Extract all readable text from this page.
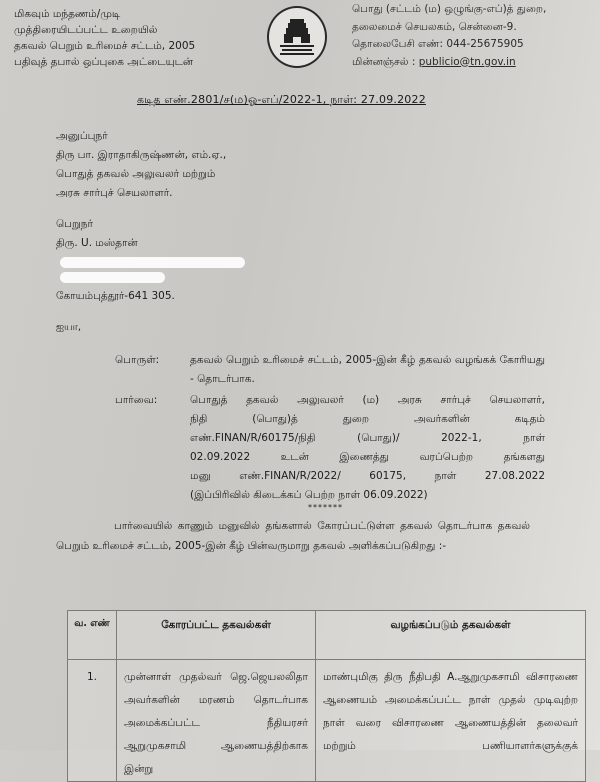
மிகவும் மந்தணம்/முடி
முத்திரையிடப்பட்ட உறையில்
தகவல் பெறும் உரிமைச் சட்டம், 2005
பதிவுத் தபால் ஒப்புகை அட்டையுடன்
பொது (சட்டம் (ம) ஒழுங்கு-எப்)த் துறை,
தலைமைச் செயலகம், சென்னை-9.
தொலைபேசி எண்: 044-25675905
மின்னஞ்சல் : publicio@tn.gov.in
கடித எண்.2801/ச(ம)ஓ-எப்/2022-1, நாள்: 27.09.2022
அனுப்புநர்
திரு பா. இராதாகிருஷ்ணன், எம்.ஏ.,
பொதுத் தகவல் அலுவலர் மற்றும்
அரசு சார்புச் செயலாளர்.
பெறுநர்
திரு. U. மஸ்தான்
கோயம்புத்தூர்-641 305.
ஐயா,
பொருள்:	தகவல் பெறும் உரிமைச் சட்டம், 2005-இன் கீழ் தகவல் வழங்கக் கோரியது - தொடர்பாக.
பார்வை:	பொதுத் தகவல் அலுவலர் (ம) அரசு சார்புச் செயலாளர்,
நிதி (பொது)த் துறை அவர்களின் கடிதம்
எண்.FINAN/R/60175/நிதி (பொது)/ 2022-1, நாள்
02.09.2022 உடன் இணைத்து வரப்பெற்ற தங்களது
மனு எண்.FINAN/R/2022/ 60175, நாள் 27.08.2022
(இப்பிரிவில் கிடைக்கப் பெற்ற நாள் 06.09.2022)
*******
பார்வையில் காணும் மனுவில் தங்களால் கோரப்பட்டுள்ள தகவல் தொடர்பாக தகவல் பெறும் உரிமைச் சட்டம், 2005-இன் கீழ் பின்வருமாறு தகவல் அளிக்கப்படுகிறது :-
வ. எண்	கோரப்பட்ட தகவல்கள்	வழங்கப்படும் தகவல்கள்
1.	முன்னாள் முதல்வர் ஜெ.ஜெயலலிதா அவர்களின் மரணம் தொடர்பாக அமைக்கப்பட்ட நீதியரசர் ஆறுமுகசாமி ஆணையத்திற்காக இன்று	மாண்புமிகு திரு நீதிபதி A.ஆறுமுகசாமி விசாரணை ஆணையம் அமைக்கப்பட்ட நாள் முதல் முடிவுற்ற நாள் வரை விசாரணை ஆணையத்தின் தலைவர் மற்றும் பணியாளர்களுக்குக்
